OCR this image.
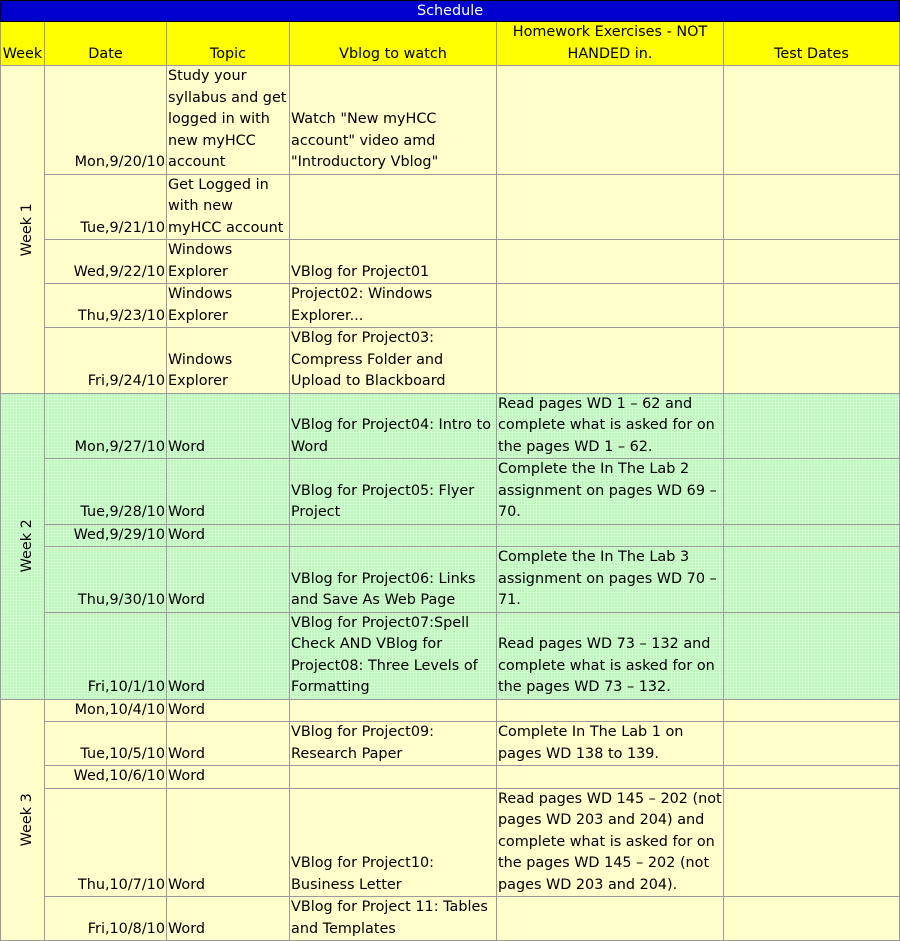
Schedule					
Week	Date	Topic	Vblog to watch	Homework Exercises - NOT HANDED in.	Test Dates
Week 1	Mon,9/20/10	Study your syllabus and get logged in with new myHCC account	Watch "New myHCC account" video amd "Introductory Vblog"		
	Tue,9/21/10	Get Logged in with new myHCC account			
	Wed,9/22/10	Windows Explorer	VBlog for Project01		
	Thu,9/23/10	Windows Explorer	Project02: Windows Explorer...		
	Fri,9/24/10	Windows Explorer	VBlog for Project03: Compress Folder and Upload to Blackboard		
Week 2	Mon,9/27/10	Word	VBlog for Project04: Intro to Word	Read pages WD 1 – 62 and complete what is asked for on the pages WD 1 – 62.	
	Tue,9/28/10	Word	VBlog for Project05: Flyer Project	Complete the In The Lab 2 assignment on pages WD 69 – 70.	
	Wed,9/29/10	Word			
	Thu,9/30/10	Word	VBlog for Project06: Links and Save As Web Page	Complete the In The Lab 3 assignment on pages WD 70 – 71.	
	Fri,10/1/10	Word	VBlog for Project07:Spell Check AND VBlog for Project08: Three Levels of Formatting	Read pages WD 73 – 132 and complete what is asked for on the pages WD 73 – 132.	
Week 3	Mon,10/4/10	Word			
	Tue,10/5/10	Word	VBlog for Project09: Research Paper	Complete In The Lab 1 on pages WD 138 to 139.	
	Wed,10/6/10	Word			
	Thu,10/7/10	Word	VBlog for Project10: Business Letter	Read pages WD 145 – 202 (not pages WD 203 and 204) and complete what is asked for on the pages WD 145 – 202 (not pages WD 203 and 204).	
	Fri,10/8/10	Word	VBlog for Project 11: Tables and Templates		
